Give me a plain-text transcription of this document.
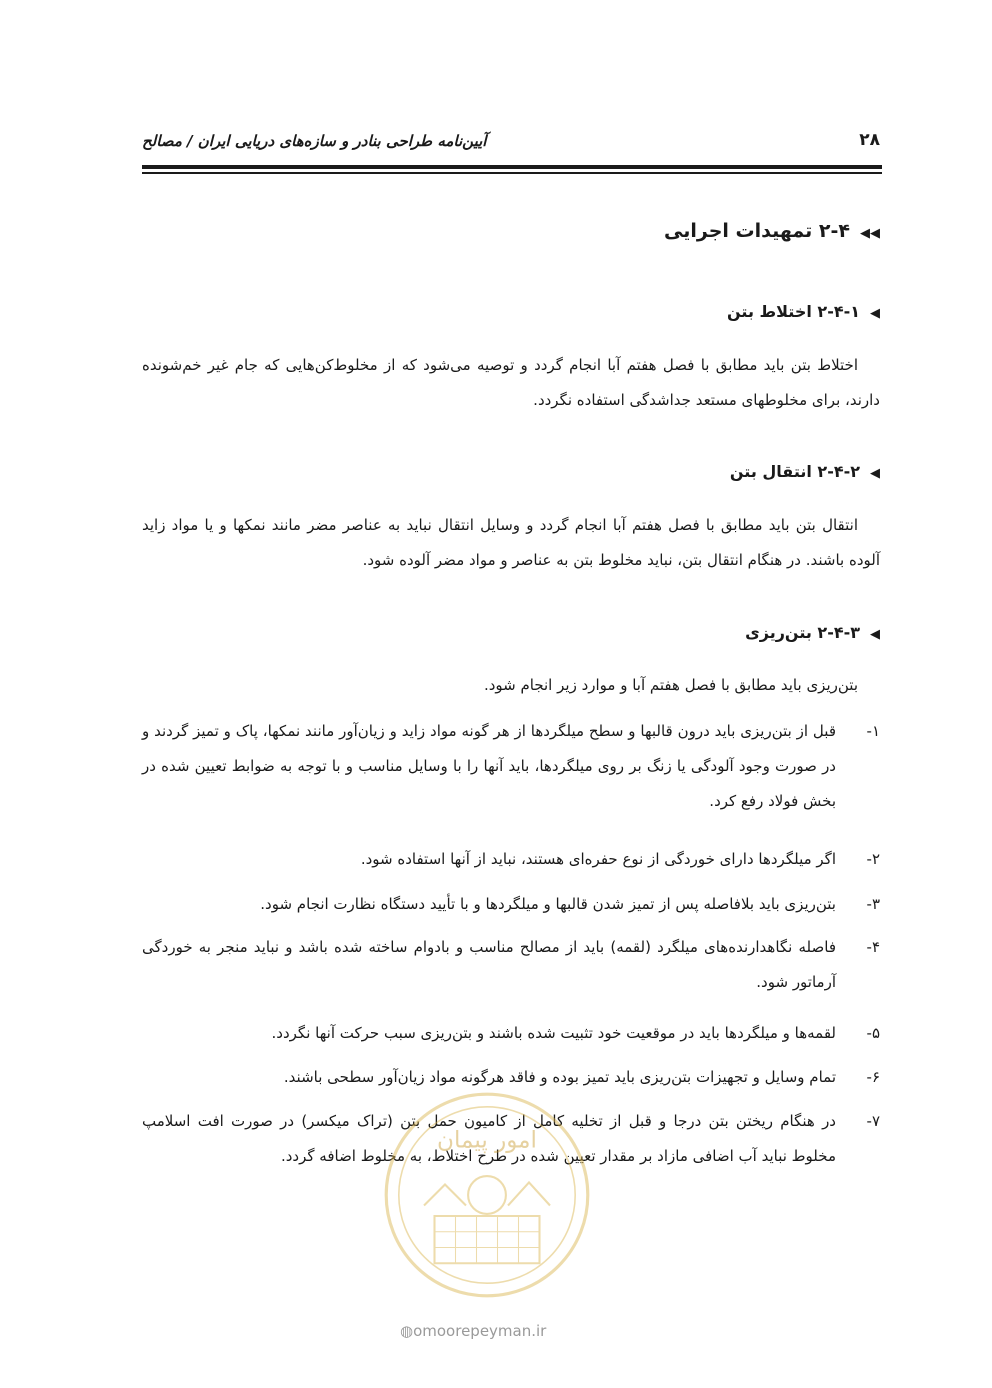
آیین‌نامه طراحی بنادر و سازه‌های دریایی ایران / مصالح	۲۸
◀◀۲-۴ تمهیدات اجرایی
◀۲-۴-۱ اختلاط بتن
اختلاط بتن باید مطابق با فصل هفتم آبا انجام گردد و توصیه می‌شود که از مخلوط‌کن‌هایی که جام غیر خم‌شونده دارند، برای مخلوطهای مستعد جداشدگی استفاده نگردد.
◀۲-۴-۲ انتقال بتن
انتقال بتن باید مطابق با فصل هفتم آبا انجام گردد و وسایل انتقال نباید به عناصر مضر مانند نمکها و یا مواد زاید آلوده باشند. در هنگام انتقال بتن، نباید مخلوط بتن به عناصر و مواد مضر آلوده شود.
◀۲-۴-۳ بتن‌ریزی
بتن‌ریزی باید مطابق با فصل هفتم آبا و موارد زیر انجام شود.
۱-
قبل از بتن‌ریزی باید درون قالبها و سطح میلگردها از هر گونه مواد زاید و زیان‌آور مانند نمکها، پاک و تمیز گردند و در صورت وجود آلودگی یا زنگ بر روی میلگردها، باید آنها را با وسایل مناسب و با توجه به ضوابط تعیین شده در بخش فولاد رفع کرد.
۲-
اگر میلگردها دارای خوردگی از نوع حفره‌ای هستند، نباید از آنها استفاده شود.
۳-
بتن‌ریزی باید بلافاصله پس از تمیز شدن قالبها و میلگردها و با تأیید دستگاه نظارت انجام شود.
۴-
فاصله نگاهدارنده‌های میلگرد (لقمه) باید از مصالح مناسب و بادوام ساخته شده باشد و نباید منجر به خوردگی آرماتور شود.
۵-
لقمه‌ها و میلگردها باید در موقعیت خود تثبیت شده باشند و بتن‌ریزی سبب حرکت آنها نگردد.
۶-
تمام وسایل و تجهیزات بتن‌ریزی باید تمیز بوده و فاقد هرگونه مواد زیان‌آور سطحی باشند.
۷-
در هنگام ریختن بتن درجا و قبل از تخلیه کامل از کامیون حمل بتن (تراک میکسر) در صورت افت اسلامپ مخلوط نباید آب اضافی مازاد بر مقدار تعیین شده در طرح اختلاط، به مخلوط اضافه گردد.
امور پیمان
◍omoorepeyman.ir
